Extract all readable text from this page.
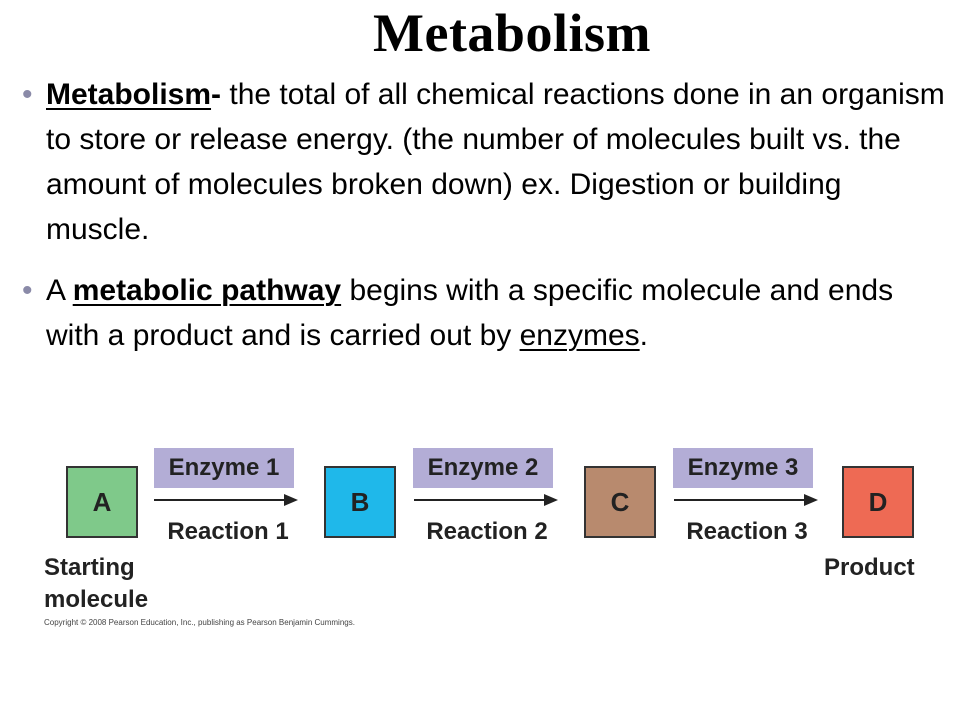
Metabolism

• Metabolism- the total of all chemical reactions done in an organism to store or release energy. (the number of molecules built vs. the amount of molecules broken down) ex. Digestion or building muscle.

• A metabolic pathway begins with a specific molecule and ends with a product and is carried out by enzymes.

A	B	C	D
Enzyme 1	Enzyme 2	Enzyme 3
Reaction 1	Reaction 2	Reaction 3
Starting
molecule
Product
Copyright © 2008 Pearson Education, Inc., publishing as Pearson Benjamin Cummings.
